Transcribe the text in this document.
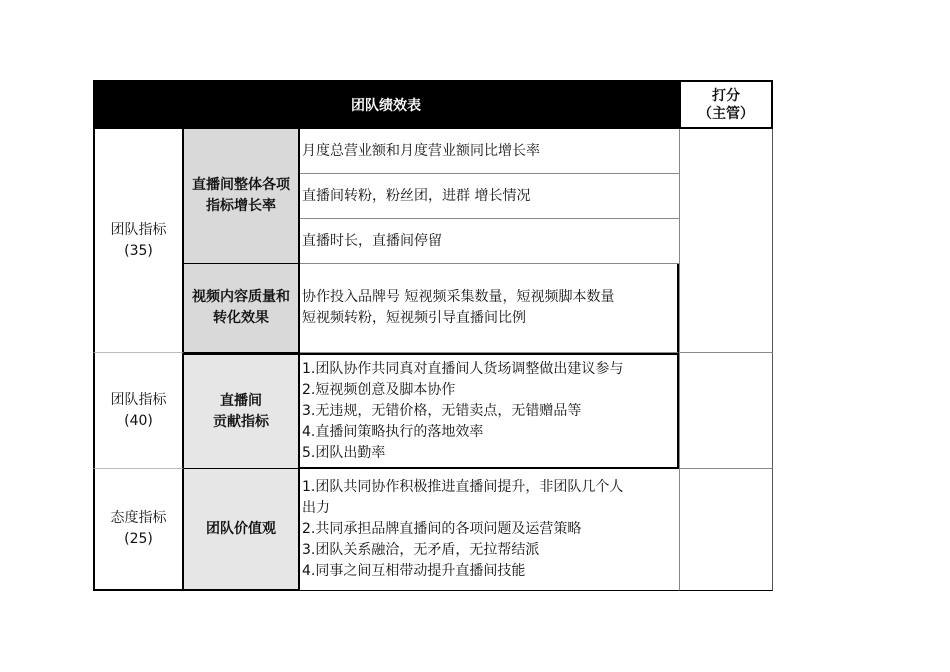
团队绩效表
打分
（主管）
团队指标
(35)
直播间整体各项
指标增长率
月度总营业额和月度营业额同比增长率
直播间转粉，粉丝团，进群 增长情况
直播时长，直播间停留
视频内容质量和
转化效果
协作投入品牌号 短视频采集数量，短视频脚本数量
短视频转粉，短视频引导直播间比例
团队指标
(40)
直播间
贡献指标
1.团队协作共同真对直播间人货场调整做出建议参与
2.短视频创意及脚本协作
3.无违规，无错价格，无错卖点，无错赠品等
4.直播间策略执行的落地效率
5.团队出勤率
态度指标
(25)
团队价值观
1.团队共同协作积极推进直播间提升，非团队几个人
出力
2.共同承担品牌直播间的各项问题及运营策略
3.团队关系融洽，无矛盾，无拉帮结派
4.同事之间互相带动提升直播间技能
